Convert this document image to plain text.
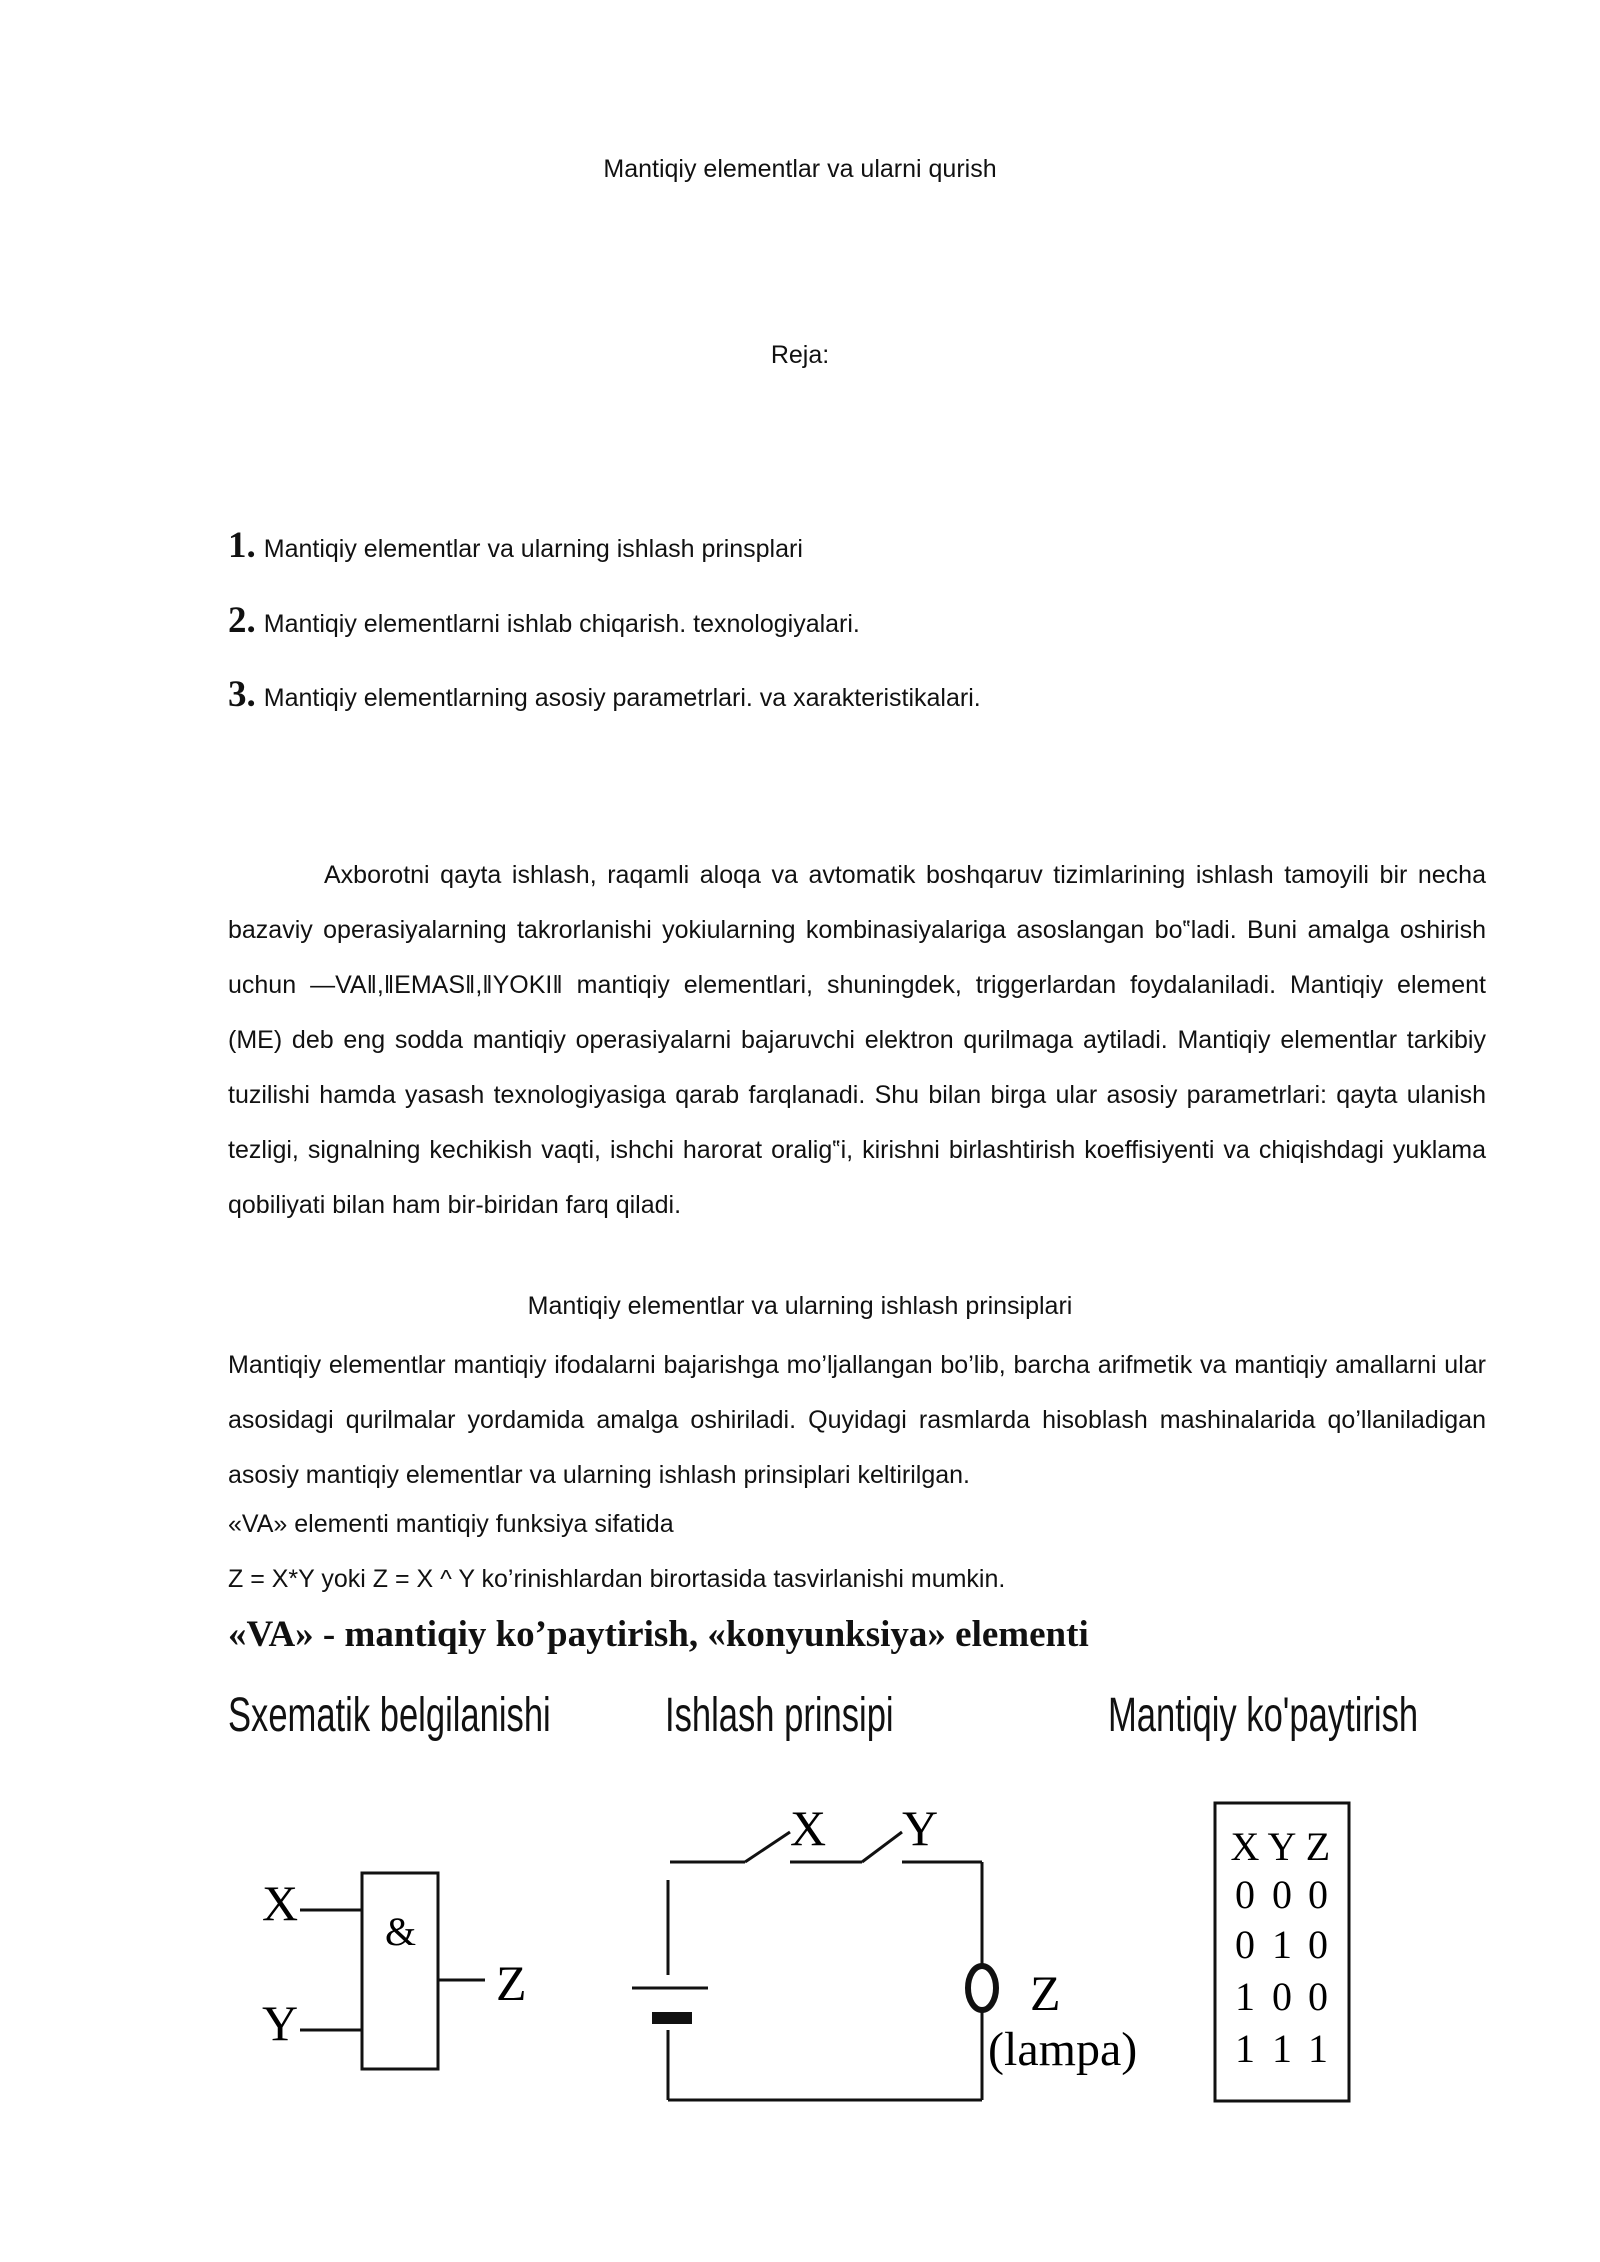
Mantiqiy elementlar va ularni qurish
Reja:
1. Mantiqiy elementlar va ularning ishlash prinsplari
2. Mantiqiy elementlarni ishlab chiqarish. texnologiyalari.
3. Mantiqiy elementlarning asosiy parametrlari. va xarakteristikalari.
Axborotni qayta ishlash, raqamli aloqa va avtomatik boshqaruv tizimlarining ishlash tamoyili bir necha bazaviy operasiyalarning takrorlanishi yokiularning kombinasiyalariga asoslangan bo‟ladi. Buni amalga oshirish uchun ―VA‖,‖EMAS‖,‖YOKI‖ mantiqiy elementlari, shuningdek, triggerlardan foydalaniladi. Mantiqiy element (ME) deb eng sodda mantiqiy operasiyalarni bajaruvchi elektron qurilmaga aytiladi. Mantiqiy elementlar tarkibiy tuzilishi hamda yasash texnologiyasiga qarab farqlanadi. Shu bilan birga ular asosiy parametrlari: qayta ulanish tezligi, signalning kechikish vaqti, ishchi harorat oralig‟i, kirishni birlashtirish koeffisiyenti va chiqishdagi yuklama qobiliyati bilan ham bir-biridan farq qiladi.
Mantiqiy elementlar va ularning ishlash prinsiplari
Mantiqiy elementlar mantiqiy ifodalarni bajarishga mo’ljallangan bo’lib, barcha arifmetik va mantiqiy amallarni ular asosidagi qurilmalar yordamida amalga oshiriladi. Quyidagi rasmlarda hisoblash mashinalarida qo’llaniladigan asosiy mantiqiy elementlar va ularning ishlash prinsiplari keltirilgan.
«VA» elementi mantiqiy funksiya sifatida
Z = X*Y yoki Z = X ^ Y ko’rinishlardan birortasida tasvirlanishi mumkin.
«VA» - mantiqiy ko’paytirish, «konyunksiya» elementi
Sxematik belgilanishi Ishlash prinsipi	Mantiqiy ko'paytirish
X
Y
&
Z
X Y
Z
(lampa)
X Y Z
0 0 0
0 1 0
1 0 0
1 1 1
